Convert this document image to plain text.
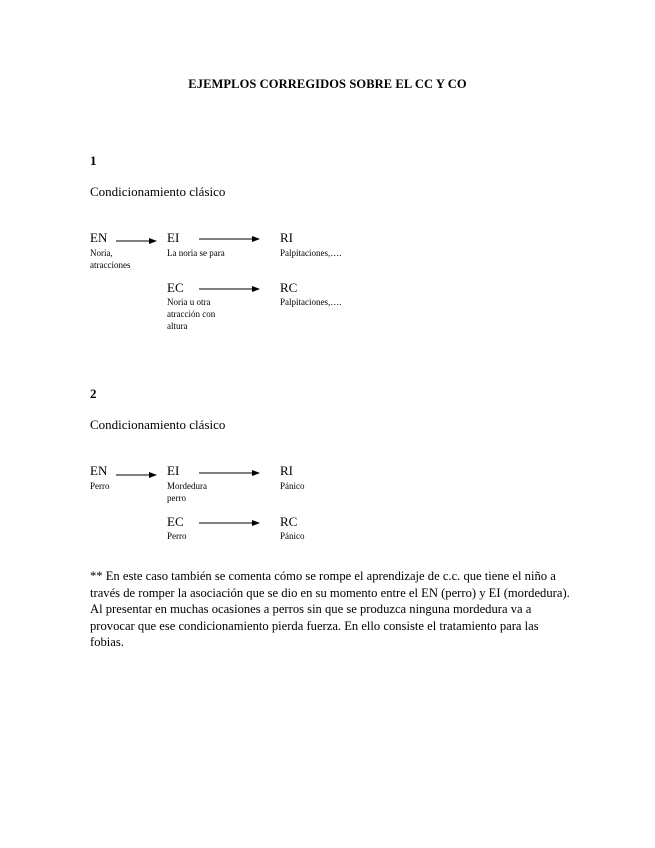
EJEMPLOS CORREGIDOS SOBRE EL CC Y CO
1
Condicionamiento clásico
EN
Noria, atracciones
EI
La noria se para
RI
Palpitaciones,….
EC
Noria u otra atracción con altura
RC
Palpitaciones,….
2
Condicionamiento clásico
EN
Perro
EI
Mordedura perro
RI
Pánico
EC
Perro
RC
Pánico
** En este caso también se comenta cómo se rompe el aprendizaje de c.c. que tiene el niño a través de romper la asociación que se dio en su momento entre el EN (perro) y EI (mordedura). Al presentar en muchas ocasiones a perros sin que se produzca ninguna mordedura va a provocar que ese condicionamiento pierda fuerza. En ello consiste el tratamiento para las fobias.
